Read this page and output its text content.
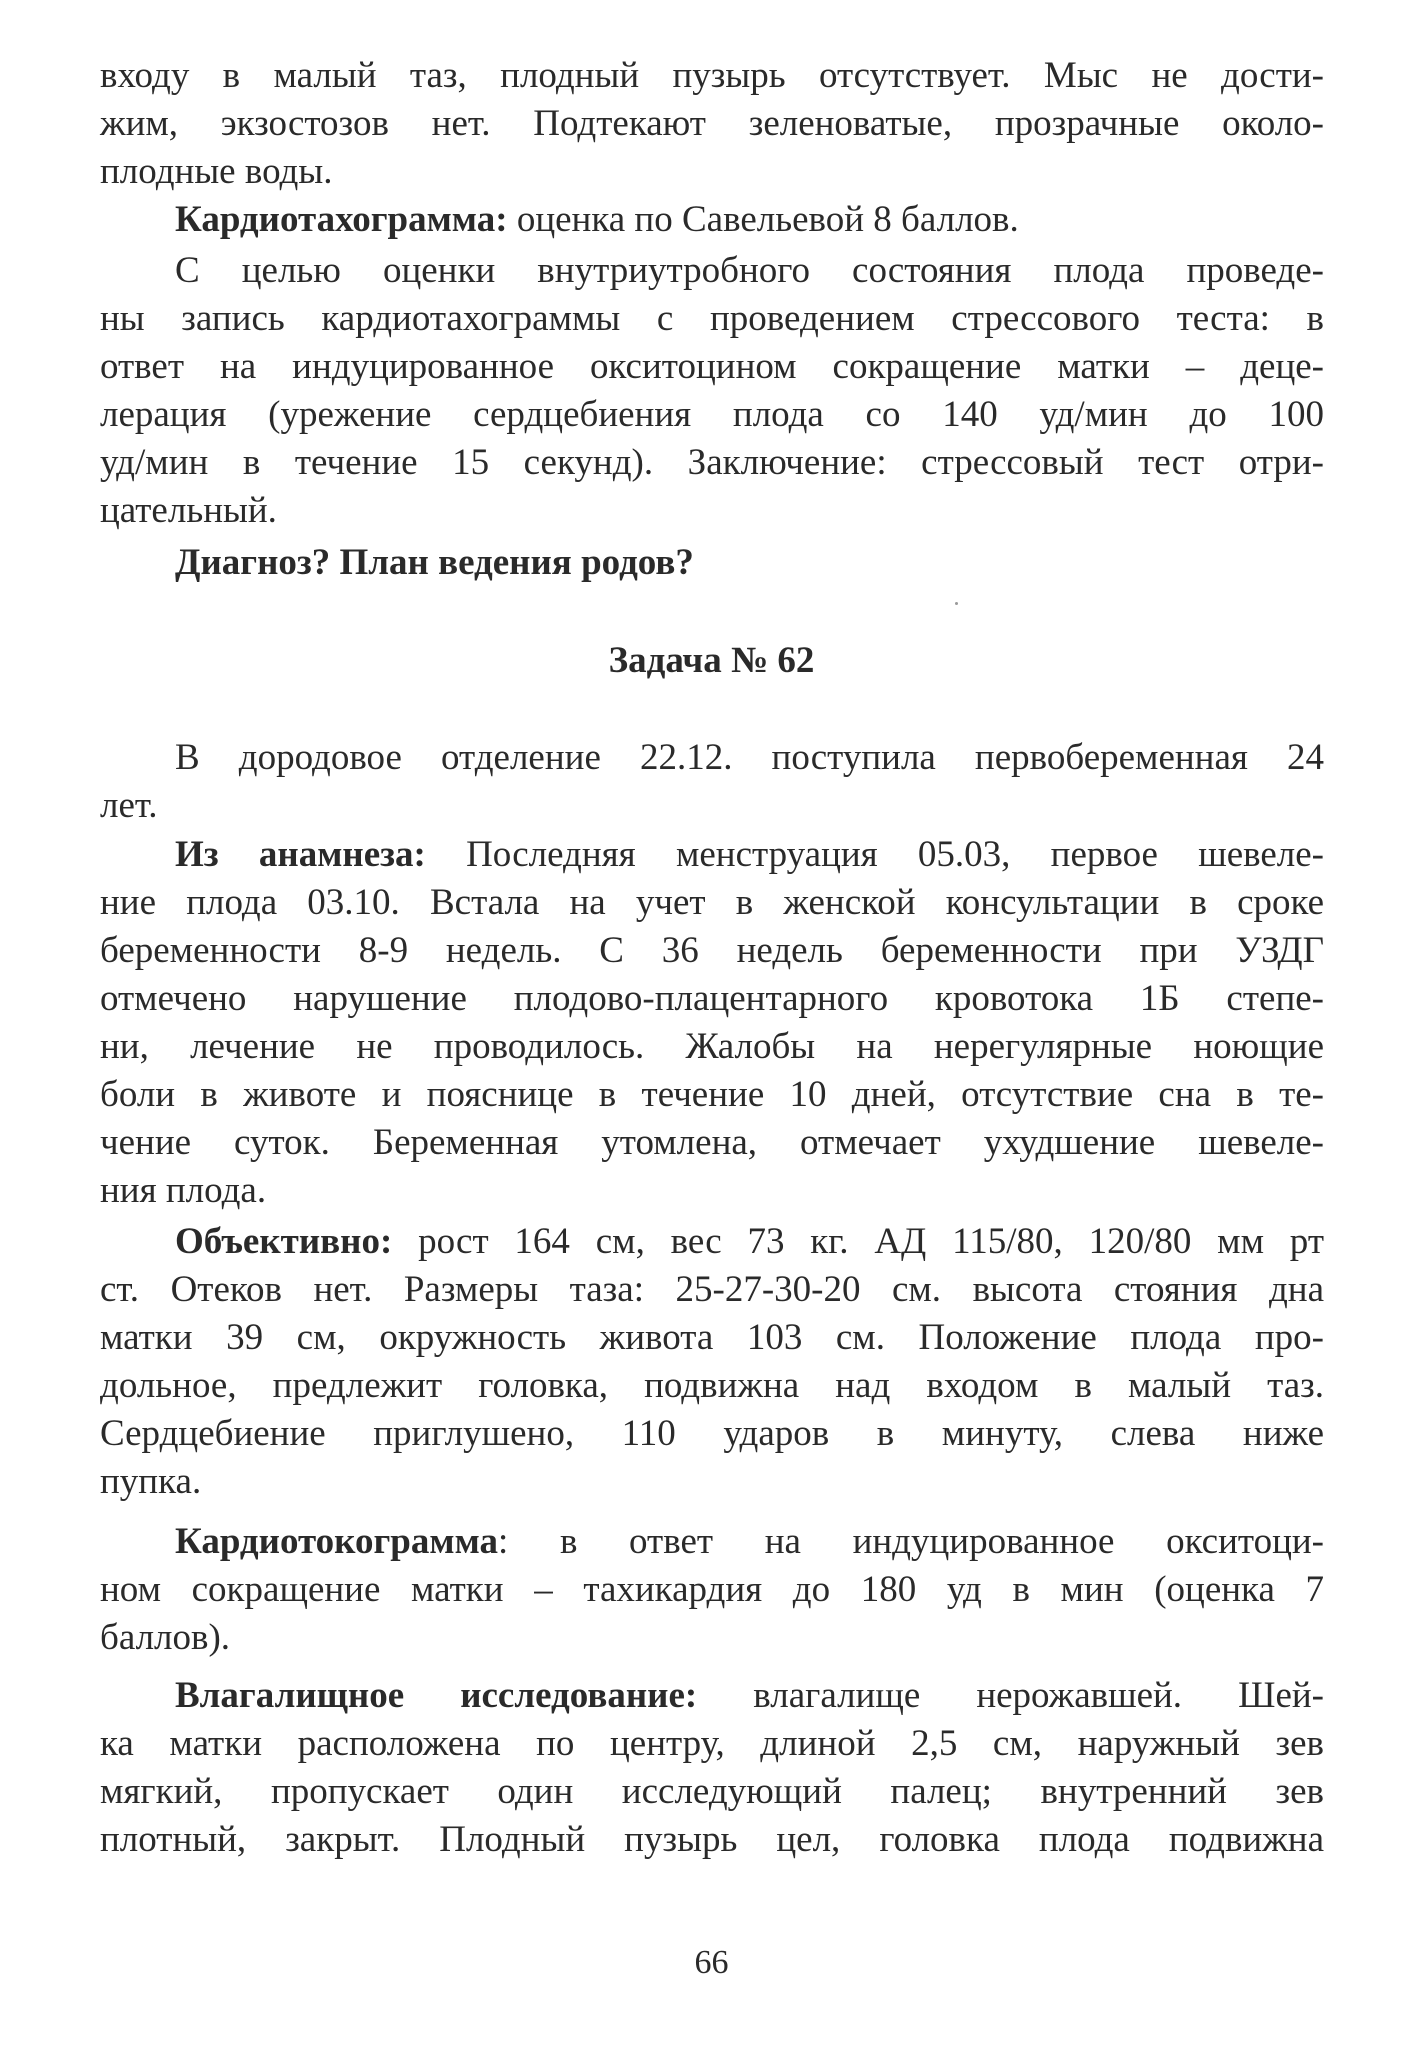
входу в малый таз, плодный пузырь отсутствует. Мыс не дости-
жим, экзостозов нет. Подтекают зеленоватые, прозрачные около-
плодные воды.
Кардиотахограмма: оценка по Савельевой 8 баллов.
С целью оценки внутриутробного состояния плода проведе-
ны запись кардиотахограммы с проведением стрессового теста: в
ответ на индуцированное окситоцином сокращение матки – деце-
лерация (урежение сердцебиения плода со 140 уд/мин до 100
уд/мин в течение 15 секунд). Заключение: стрессовый тест отри-
цательный.
Диагноз? План ведения родов?
Задача № 62
В дородовое отделение 22.12. поступила первобеременная 24
лет.
Из анамнеза: Последняя менструация 05.03, первое шевеле-
ние плода 03.10. Встала на учет в женской консультации в сроке
беременности 8-9 недель. С 36 недель беременности при УЗДГ
отмечено нарушение плодово-плацентарного кровотока 1Б степе-
ни, лечение не проводилось. Жалобы на нерегулярные ноющие
боли в животе и пояснице в течение 10 дней, отсутствие сна в те-
чение суток. Беременная утомлена, отмечает ухудшение шевеле-
ния плода.
Объективно: рост 164 см, вес 73 кг. АД 115/80, 120/80 мм рт
ст. Отеков нет. Размеры таза: 25-27-30-20 см. высота стояния дна
матки 39 см, окружность живота 103 см. Положение плода про-
дольное, предлежит головка, подвижна над входом в малый таз.
Сердцебиение приглушено, 110 ударов в минуту, слева ниже
пупка.
Кардиотокограмма: в ответ на индуцированное окситоци-
ном сокращение матки – тахикардия до 180 уд в мин (оценка 7
баллов).
Влагалищное исследование: влагалище нерожавшей. Шей-
ка матки расположена по центру, длиной 2,5 см, наружный зев
мягкий, пропускает один исследующий палец; внутренний зев
плотный, закрыт. Плодный пузырь цел, головка плода подвижна
66
